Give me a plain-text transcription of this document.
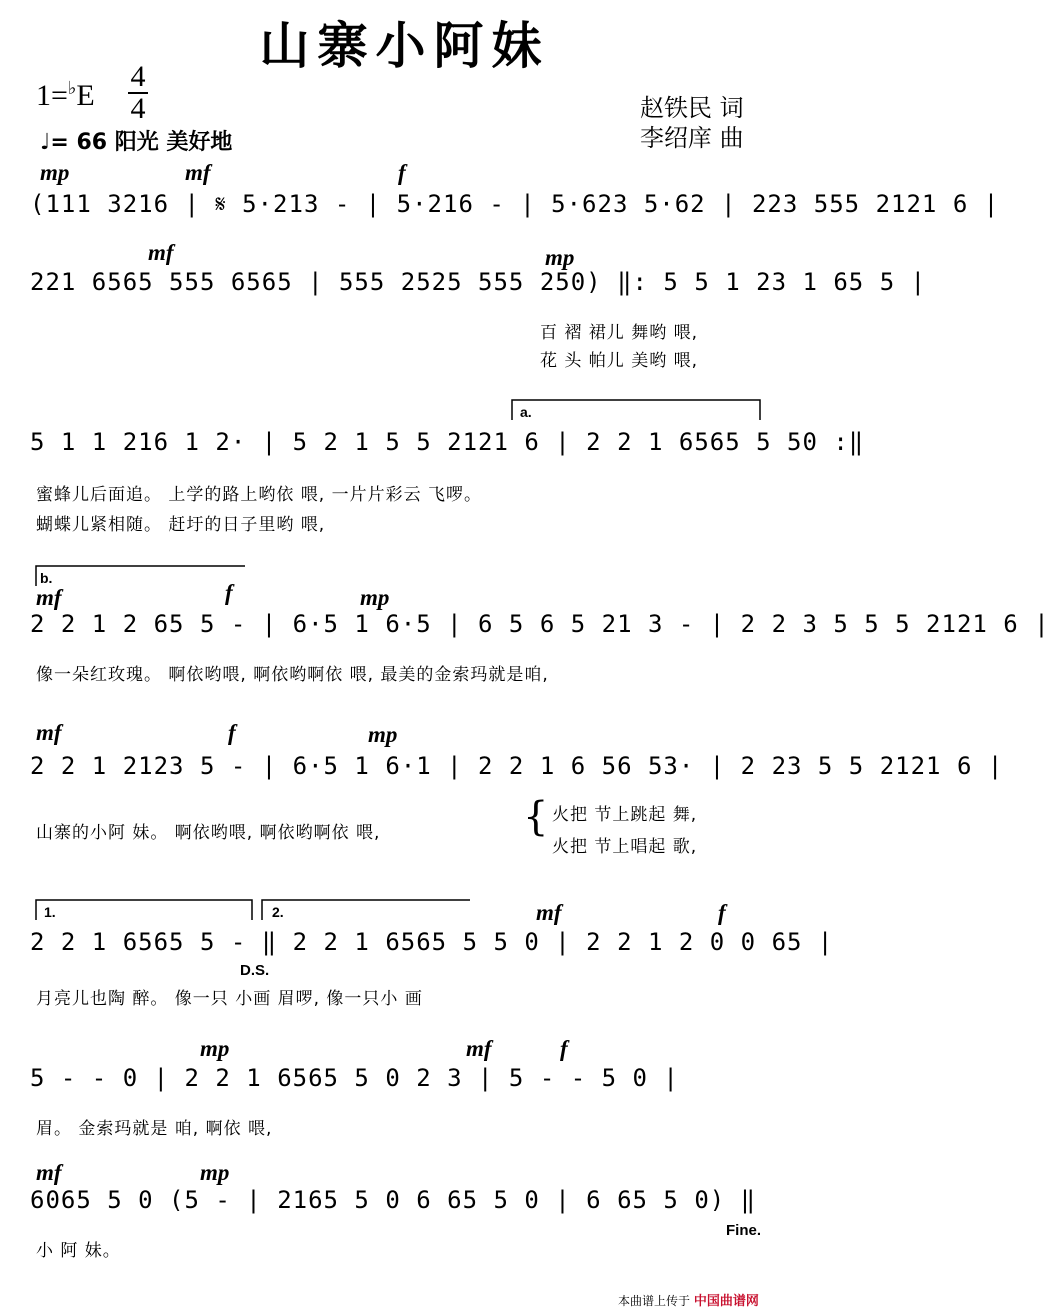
山寨小阿妹
1=♭E
4
4
♩= 66 阳光 美好地
赵铁民 词
李绍庠 曲
mp	mf	f
(111 3216 | 𝄋 5·213 - | 5·216 - | 5·623 5·62 | 223 555 2121 6 |
mf	mp
221 6565 555 6565 | 555 2525 555 250) ‖: 5 5 1 23 1 65 5 |
百 褶 裙儿 舞哟 喂,
花 头 帕儿 美哟 喂,
a.
5 1 1 216 1 2· | 5 2 1 5 5 2121 6 | 2 2 1 6565 5 50 :‖
蜜蜂儿后面追。 上学的路上哟依 喂, 一片片彩云 飞啰。
蝴蝶儿紧相随。 赶圩的日子里哟 喂,
b.
mf	f	mp
2 2 1 2 65 5 - | 6·5 1 6·5 | 6 5 6 5 21 3 - | 2 2 3 5 5 5 2121 6 |
像一朵红玫瑰。 啊依哟喂, 啊依哟啊依 喂, 最美的金索玛就是咱,
mf	f	mp
2 2 1 2123 5 - | 6·5 1 6·1 | 2 2 1 6 56 53· | 2 23 5 5 2121 6 |
山寨的小阿 妹。 啊依哟喂, 啊依哟啊依 喂,	{ 火把 节上跳起 舞,
火把 节上唱起 歌,
1.	2.	mf	f
2 2 1 6565 5 - ‖ 2 2 1 6565 5 5 0 | 2 2 1 2 0 0 65 |
D.S.
月亮儿也陶 醉。 像一只 小画 眉啰, 像一只小 画
mp	mf	f
5 - - 0 | 2 2 1 6565 5 0 2 3 | 5 - - 5 0 |
眉。 金索玛就是 咱, 啊依 喂,
mf	mp
6065 5 0 (5 - | 2165 5 0 6 65 5 0 | 6 65 5 0) ‖
Fine.
小 阿 妹。
本曲谱上传于 中国曲谱网
